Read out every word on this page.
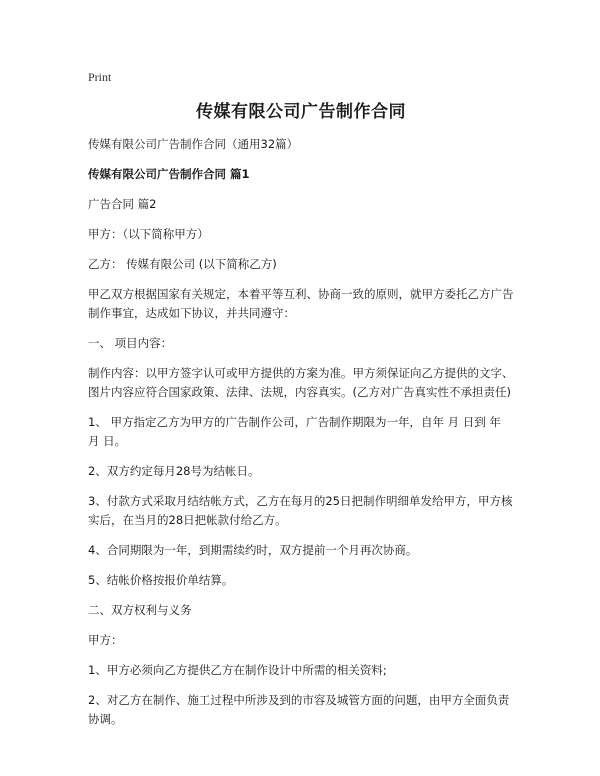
Print
传媒有限公司广告制作合同

传媒有限公司广告制作合同（通用32篇）

传媒有限公司广告制作合同 篇1

广告合同 篇2

甲方：（以下简称甲方）

乙方： 传媒有限公司 (以下简称乙方)

甲乙双方根据国家有关规定，本着平等互利、协商一致的原则，就甲方委托乙方广告制作事宜，达成如下协议，并共同遵守：

一、 项目内容：

制作内容：以甲方签字认可或甲方提供的方案为准。甲方须保证向乙方提供的文字、图片内容应符合国家政策、法律、法规，内容真实。(乙方对广告真实性不承担责任)

1、 甲方指定乙方为甲方的广告制作公司，广告制作期限为一年，自年 月 日到 年 月 日。

2、双方约定每月28号为结帐日。

3、付款方式采取月结结帐方式，乙方在每月的25日把制作明细单发给甲方，甲方核实后，在当月的28日把帐款付给乙方。

4、合同期限为一年，到期需续约时，双方提前一个月再次协商。

5、结帐价格按报价单结算。

二、双方权利与义务

甲方：

1、甲方必须向乙方提供乙方在制作设计中所需的相关资料;

2、对乙方在制作、施工过程中所涉及到的市容及城管方面的问题，由甲方全面负责协调。
